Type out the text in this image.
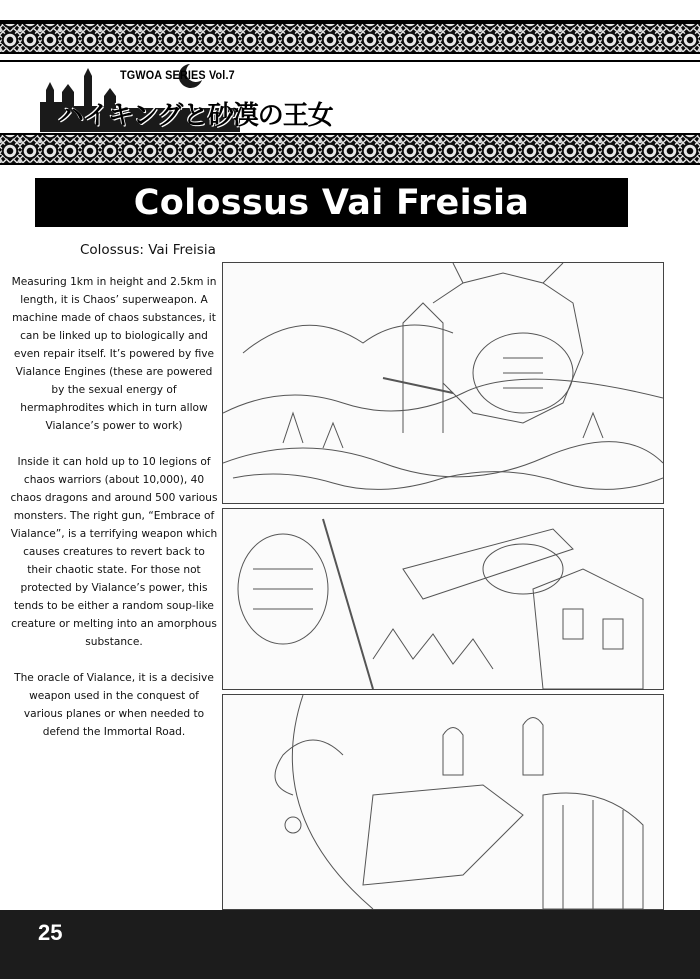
TGWOA SERIES Vol.7
ハイキングと砂漠の王女
Colossus Vai Freisia
Colossus: Vai Freisia

Measuring 1km in height and 2.5km in length, it is Chaos’ superweapon. A machine made of chaos substances, it can be linked up to biologically and even repair itself. It’s powered by five Vialance Engines (these are powered by the sexual energy of hermaphrodites which in turn allow Vialance’s power to work)

Inside it can hold up to 10 legions of chaos warriors (about 10,000), 40 chaos dragons and around 500 various monsters. The right gun, “Embrace of Vialance”, is a terrifying weapon which causes creatures to revert back to their chaotic state. For those not protected by Vialance’s power, this tends to be either a random soup-like creature or melting into an amorphous substance.

The oracle of Vialance, it is a decisive weapon used in the conquest of various planes or when needed to defend the Immortal Road.

25
